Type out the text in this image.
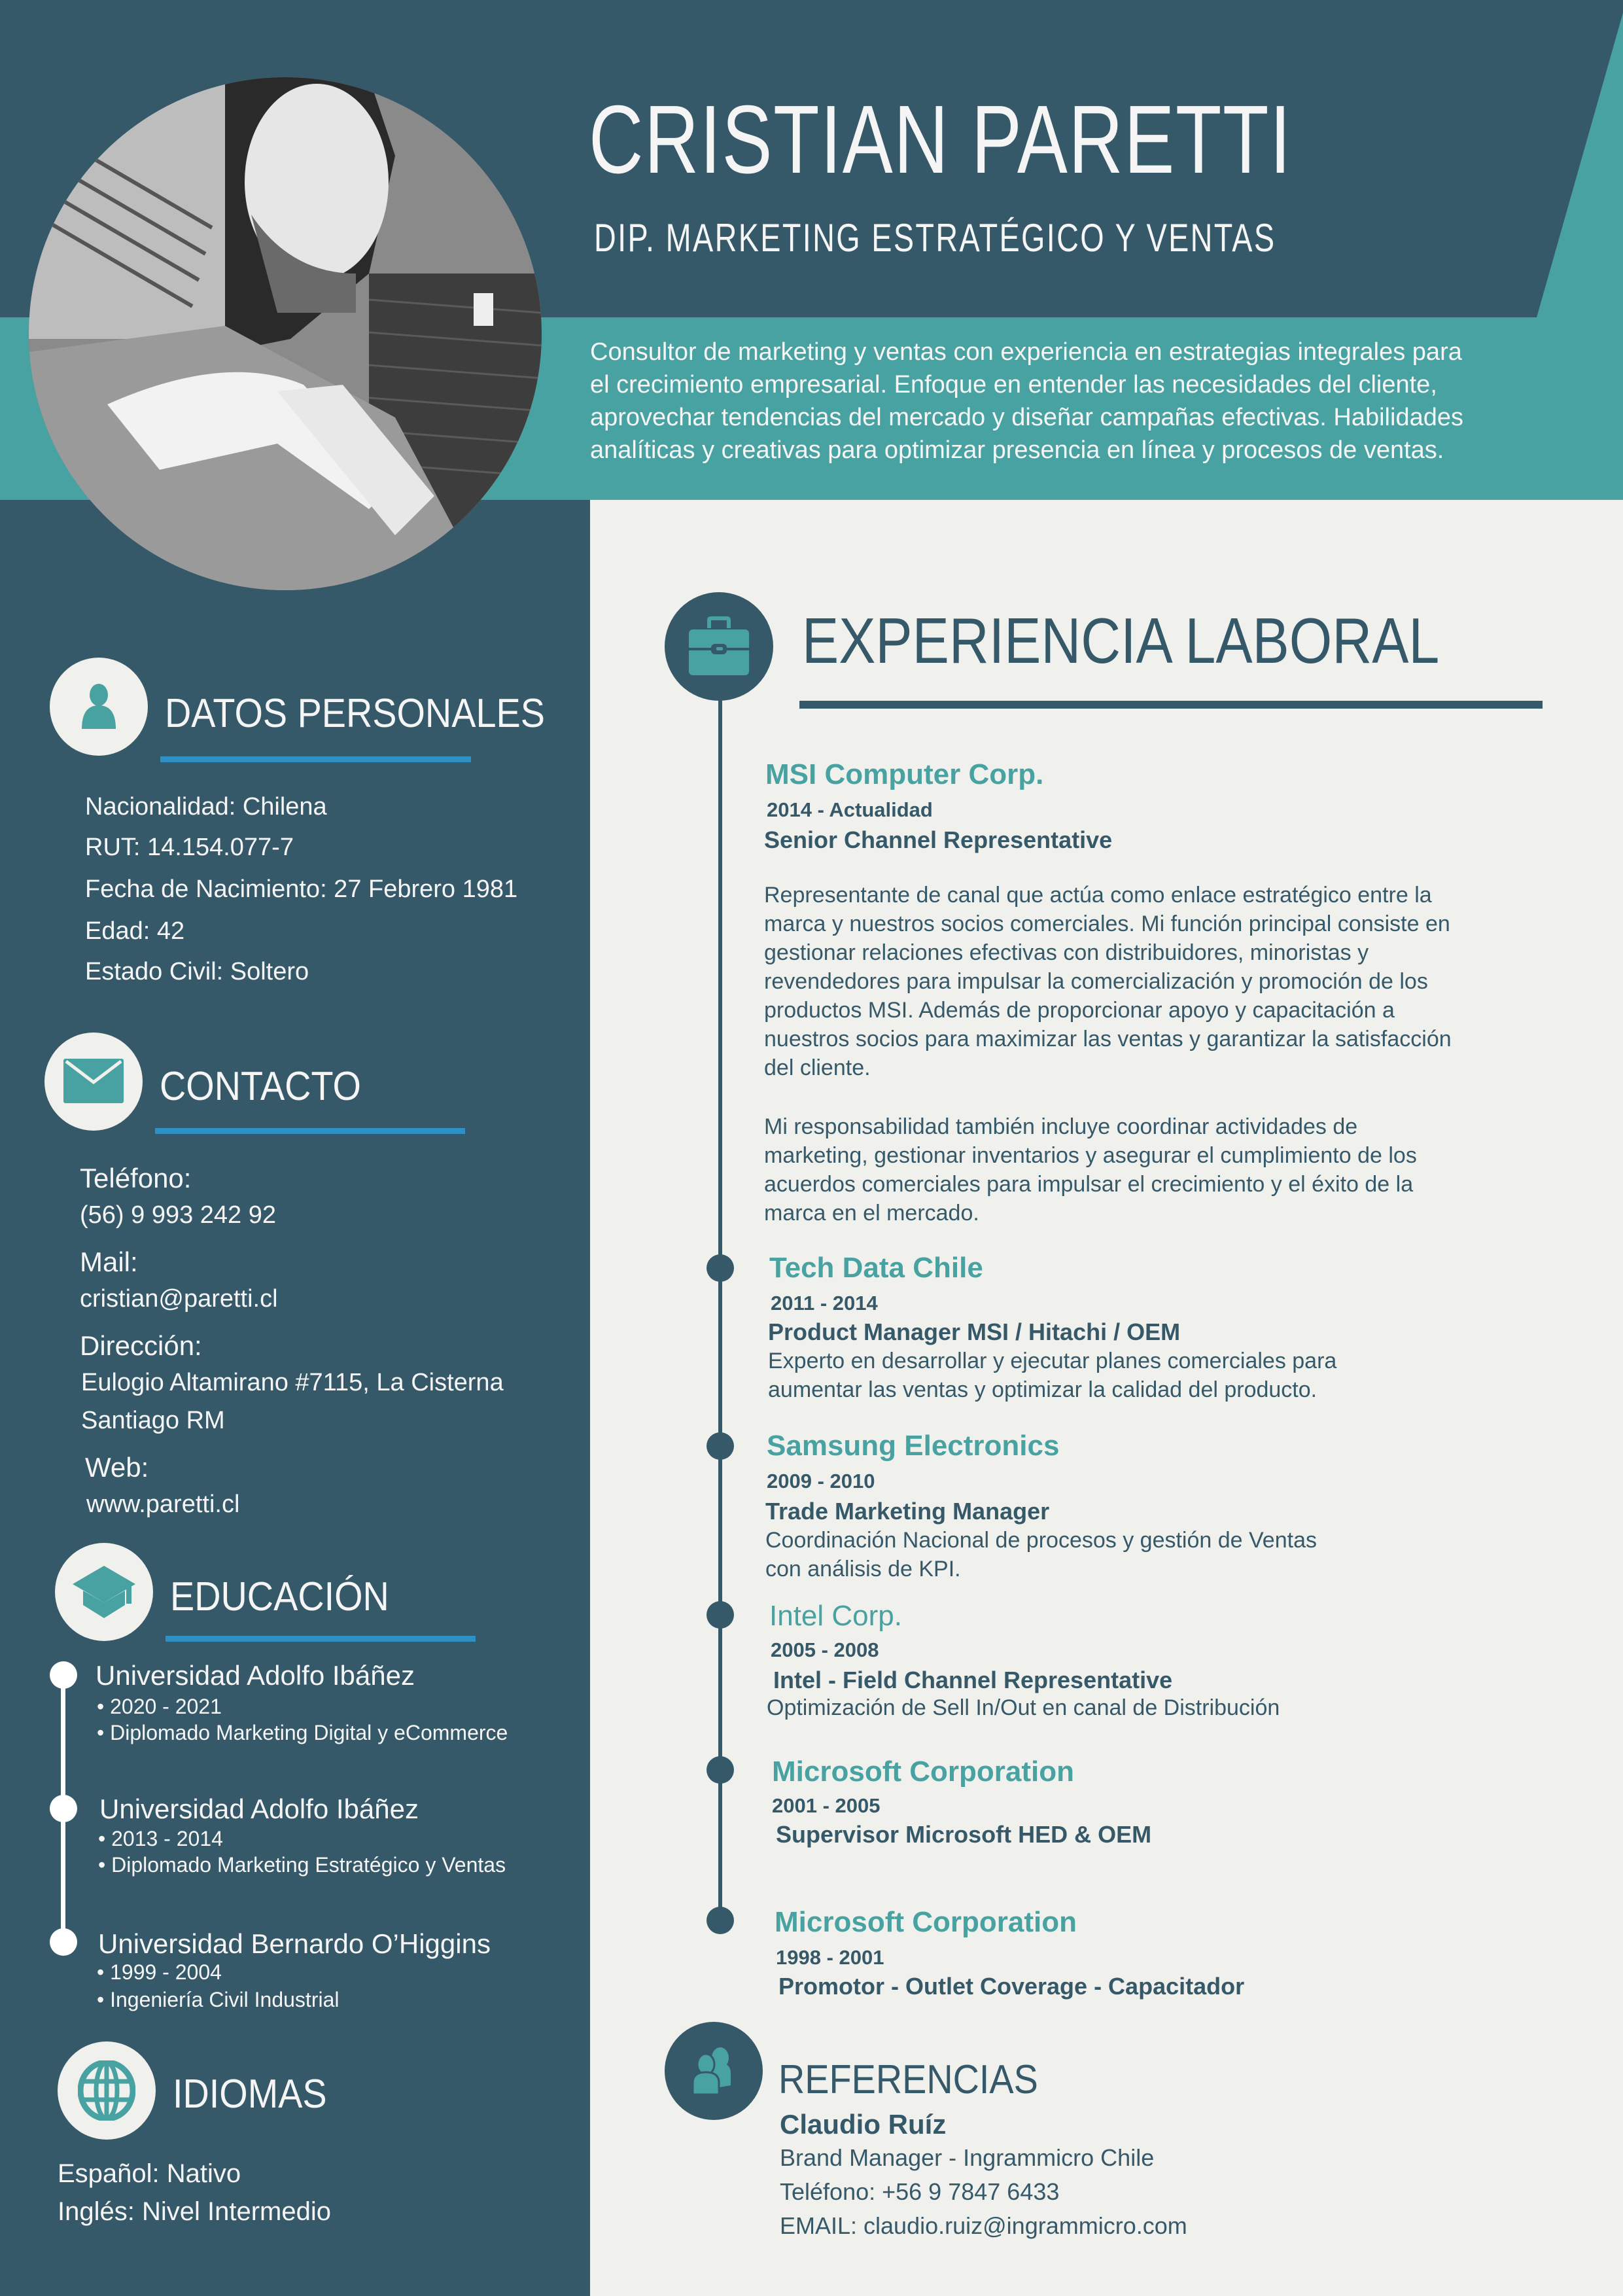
CRISTIAN PARETTI
DIP. MARKETING ESTRATÉGICO Y VENTAS
Consultor de marketing y ventas con experiencia en estrategias integrales para
el crecimiento empresarial. Enfoque en entender las necesidades del cliente,
aprovechar tendencias del mercado y diseñar campañas efectivas. Habilidades
analíticas y creativas para optimizar presencia en línea y procesos de ventas.
DATOS PERSONALES
Nacionalidad: Chilena
RUT: 14.154.077-7
Fecha de Nacimiento: 27 Febrero 1981
Edad: 42
Estado Civil: Soltero
CONTACTO
Teléfono:
(56) 9 993 242 92
Mail:
cristian@paretti.cl
Dirección:
Eulogio Altamirano #7115, La Cisterna
Santiago RM
Web:
www.paretti.cl
EDUCACIÓN
Universidad Adolfo Ibáñez
• 2020 - 2021
• Diplomado Marketing Digital y eCommerce
Universidad Adolfo Ibáñez
• 2013 - 2014
• Diplomado Marketing Estratégico y Ventas
Universidad Bernardo O’Higgins
• 1999 - 2004
• Ingeniería Civil Industrial
IDIOMAS
Español: Nativo
Inglés: Nivel Intermedio
EXPERIENCIA LABORAL
MSI Computer Corp.
2014 - Actualidad
Senior Channel Representative
Representante de canal que actúa como enlace estratégico entre la
marca y nuestros socios comerciales. Mi función principal consiste en
gestionar relaciones efectivas con distribuidores, minoristas y
revendedores para impulsar la comercialización y promoción de los
productos MSI. Además de proporcionar apoyo y capacitación a
nuestros socios para maximizar las ventas y garantizar la satisfacción
del cliente.
Mi responsabilidad también incluye coordinar actividades de
marketing, gestionar inventarios y asegurar el cumplimiento de los
acuerdos comerciales para impulsar el crecimiento y el éxito de la
marca en el mercado.
Tech Data Chile
2011 - 2014
Product Manager MSI / Hitachi / OEM
Experto en desarrollar y ejecutar planes comerciales para
aumentar las ventas y optimizar la calidad del producto.
Samsung Electronics
2009 - 2010
Trade Marketing Manager
Coordinación Nacional de procesos y gestión de Ventas
con análisis de KPI.
Intel Corp.
2005 - 2008
Intel - Field Channel Representative
Optimización de Sell In/Out en canal de Distribución
Microsoft Corporation
2001 - 2005
Supervisor Microsoft HED & OEM
Microsoft Corporation
1998 - 2001
Promotor - Outlet Coverage - Capacitador
REFERENCIAS
Claudio Ruíz
Brand Manager - Ingrammicro Chile
Teléfono: +56 9 7847 6433
EMAIL: claudio.ruiz@ingrammicro.com
